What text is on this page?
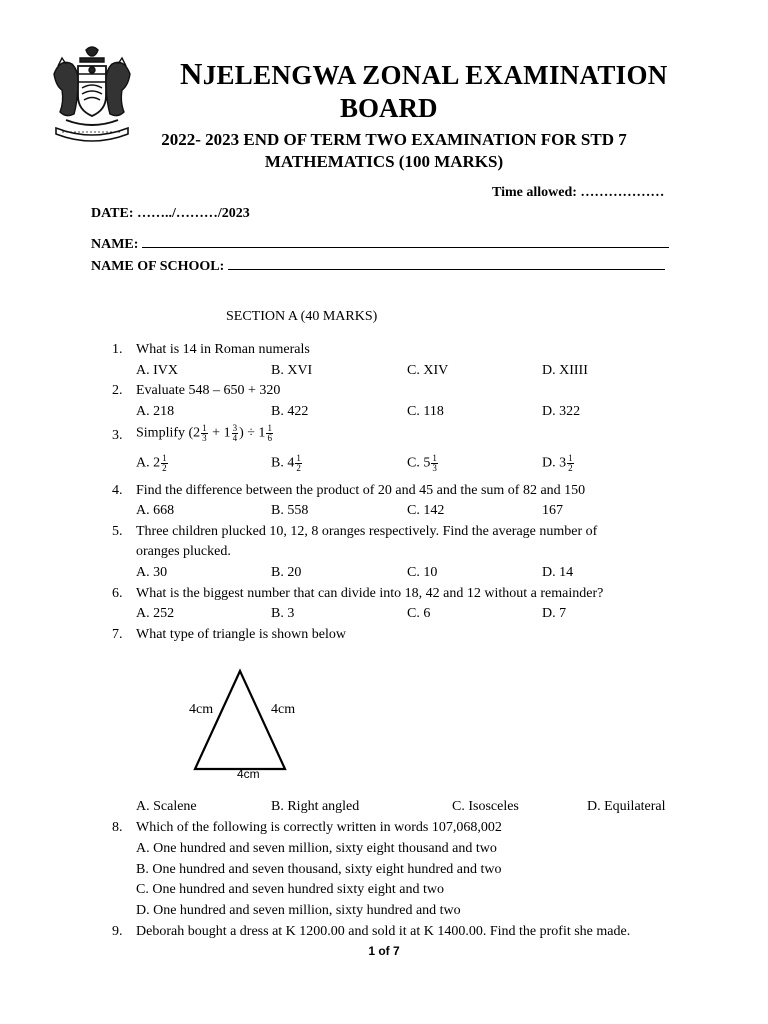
NJELENGWA ZONAL EXAMINATION
BOARD
2022- 2023 END OF TERM TWO EXAMINATION FOR STD 7
MATHEMATICS (100 MARKS)
Time allowed: ………………
DATE: ……../………/2023
NAME:
NAME OF SCHOOL:
SECTION A (40 MARKS)
1. What is 14 in Roman numerals
A. IVX	B. XVI	C. XIV	D. XIIII
2. Evaluate 548 – 650 + 320
A. 218	B. 422	C. 118	D. 322
3. Simplify ($2 \frac{1}{3} + 1 \frac{3}{4}$ ) ÷ $1 \frac{1}{6}$
A. $2 \frac{1}{2}$	B. $4 \frac{1}{2}$	C. $5 \frac{1}{3}$	D. $3 \frac{1}{2}$
4. Find the difference between the product of 20 and 45 and the sum of 82 and 150
A. 668	B. 558	C. 142	167
5. Three children plucked 10, 12, 8 oranges respectively. Find the average number of
oranges plucked.
A. 30	B. 20	C. 10	D. 14
6. What is the biggest number that can divide into 18, 42 and 12 without a remainder?
A. 252	B. 3	C. 6	D. 7
7. What type of triangle is shown below
4cm	4cm
4cm
A. Scalene	B. Right angled	C. Isosceles	D. Equilateral
8. Which of the following is correctly written in words 107,068,002
A. One hundred and seven million, sixty eight thousand and two
B. One hundred and seven thousand, sixty eight hundred and two
C. One hundred and seven hundred sixty eight and two
D. One hundred and seven million, sixty hundred and two
9. Deborah bought a dress at K 1200.00 and sold it at K 1400.00. Find the profit she made.
1 of 7
